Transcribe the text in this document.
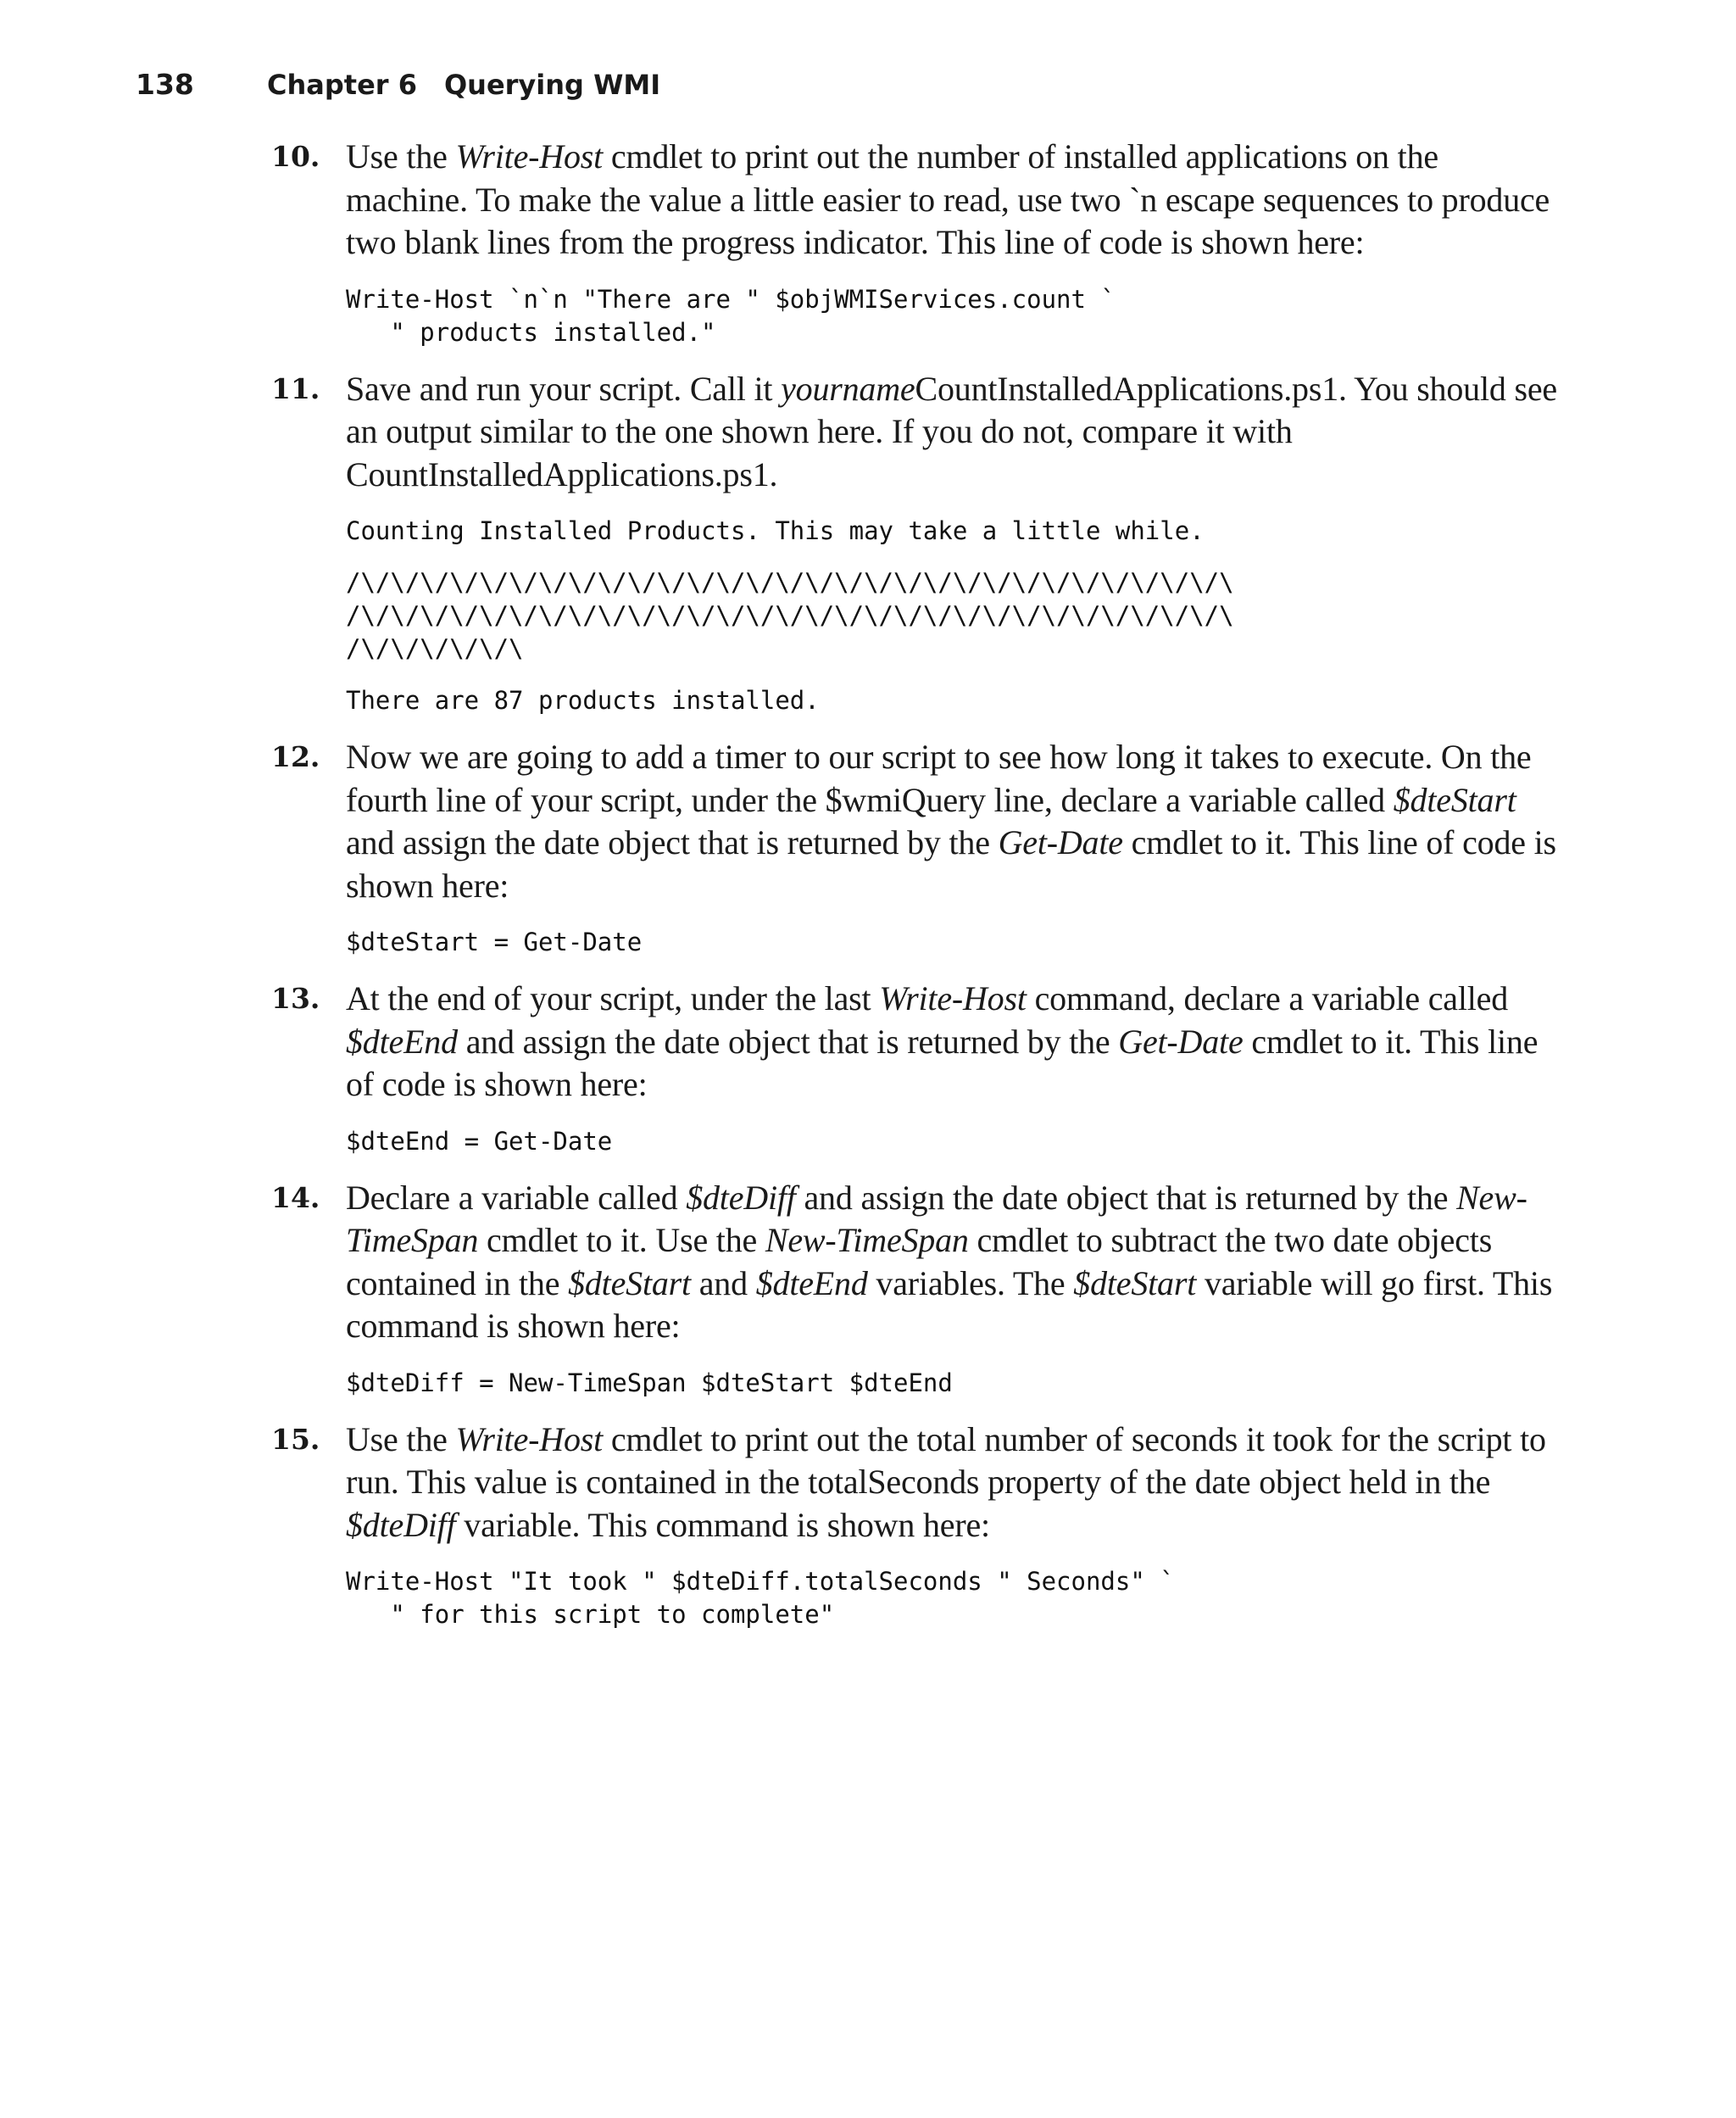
138	Chapter 6 Querying WMI
10. Use the Write-Host cmdlet to print out the number of installed applications on the machine. To make the value a little easier to read, use two `n escape sequences to produce two blank lines from the progress indicator. This line of code is shown here:
Write-Host `n`n "There are " $objWMIServices.count `
" products installed."
11. Save and run your script. Call it yournameCountInstalledApplications.ps1. You should see an output similar to the one shown here. If you do not, compare it with CountInstalledApplications.ps1.
Counting Installed Products. This may take a little while.
/\/\/\/\/\/\/\/\/\/\/\/\/\/\/\/\/\/\/\/\/\/\/\/\/\/\/\/\/\/\
/\/\/\/\/\/\/\/\/\/\/\/\/\/\/\/\/\/\/\/\/\/\/\/\/\/\/\/\/\/\
/\/\/\/\/\/\
There are 87 products installed.
12. Now we are going to add a timer to our script to see how long it takes to execute. On the fourth line of your script, under the $wmiQuery line, declare a variable called $dteStart and assign the date object that is returned by the Get-Date cmdlet to it. This line of code is shown here:
$dteStart = Get-Date
13. At the end of your script, under the last Write-Host command, declare a variable called $dteEnd and assign the date object that is returned by the Get-Date cmdlet to it. This line of code is shown here:
$dteEnd = Get-Date
14. Declare a variable called $dteDiff and assign the date object that is returned by the New-TimeSpan cmdlet to it. Use the New-TimeSpan cmdlet to subtract the two date objects contained in the $dteStart and $dteEnd variables. The $dteStart variable will go first. This command is shown here:
$dteDiff = New-TimeSpan $dteStart $dteEnd
15. Use the Write-Host cmdlet to print out the total number of seconds it took for the script to run. This value is contained in the totalSeconds property of the date object held in the $dteDiff variable. This command is shown here:
Write-Host "It took " $dteDiff.totalSeconds " Seconds" `
" for this script to complete"
